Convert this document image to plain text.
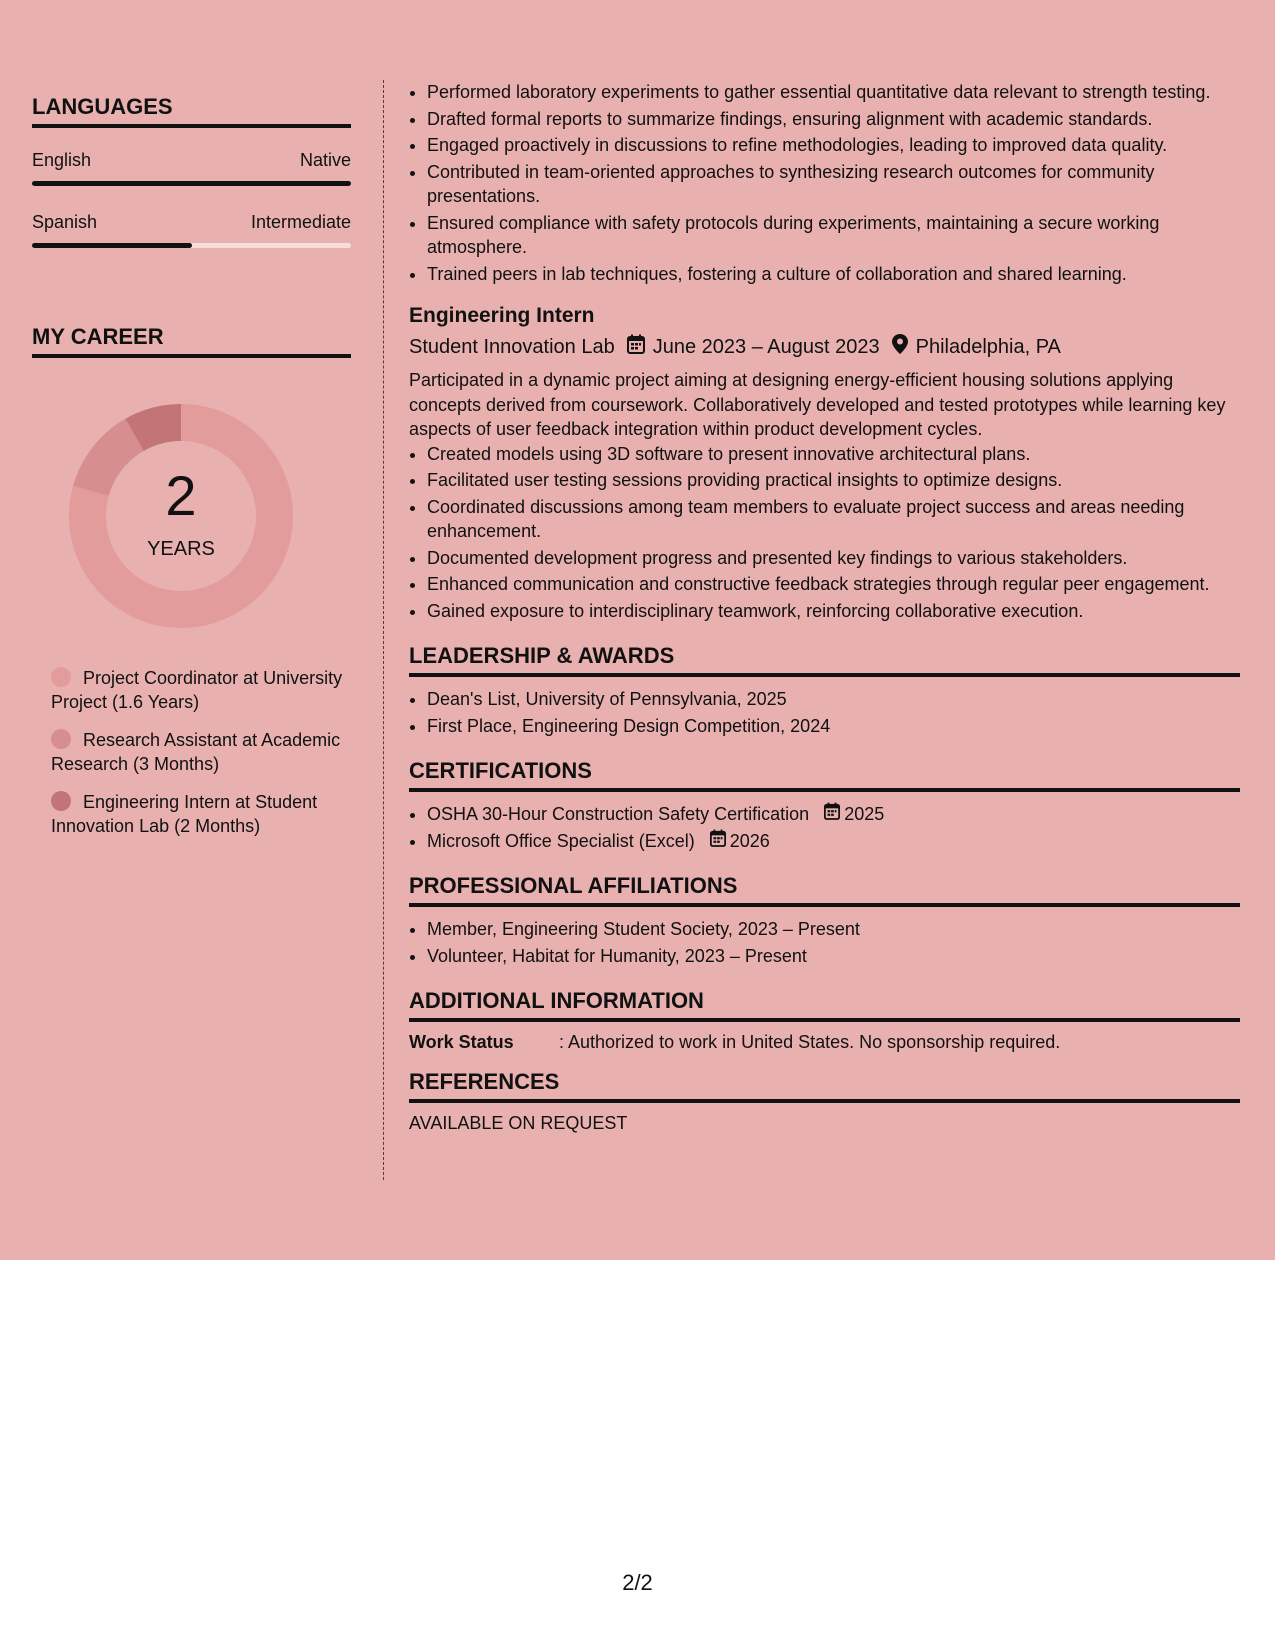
LANGUAGES
English	Native
Spanish	Intermediate
MY CAREER
2
YEARS
Project Coordinator at University Project (1.6 Years)
Research Assistant at Academic Research (3 Months)
Engineering Intern at Student Innovation Lab (2 Months)
• Performed laboratory experiments to gather essential quantitative data relevant to strength testing.
• Drafted formal reports to summarize findings, ensuring alignment with academic standards.
• Engaged proactively in discussions to refine methodologies, leading to improved data quality.
• Contributed in team-oriented approaches to synthesizing research outcomes for community presentations.
• Ensured compliance with safety protocols during experiments, maintaining a secure working atmosphere.
• Trained peers in lab techniques, fostering a culture of collaboration and shared learning.
Engineering Intern
Student Innovation Lab June 2023 – August 2023 Philadelphia, PA
Participated in a dynamic project aiming at designing energy-efficient housing solutions applying concepts derived from coursework. Collaboratively developed and tested prototypes while learning key aspects of user feedback integration within product development cycles.
• Created models using 3D software to present innovative architectural plans.
• Facilitated user testing sessions providing practical insights to optimize designs.
• Coordinated discussions among team members to evaluate project success and areas needing enhancement.
• Documented development progress and presented key findings to various stakeholders.
• Enhanced communication and constructive feedback strategies through regular peer engagement.
• Gained exposure to interdisciplinary teamwork, reinforcing collaborative execution.
LEADERSHIP & AWARDS
• Dean's List, University of Pennsylvania, 2025
• First Place, Engineering Design Competition, 2024
CERTIFICATIONS
• OSHA 30-Hour Construction Safety Certification 2025
• Microsoft Office Specialist (Excel) 2026
PROFESSIONAL AFFILIATIONS
• Member, Engineering Student Society, 2023 – Present
• Volunteer, Habitat for Humanity, 2023 – Present
ADDITIONAL INFORMATION
Work Status	: Authorized to work in United States. No sponsorship required.
REFERENCES
AVAILABLE ON REQUEST
2/2
